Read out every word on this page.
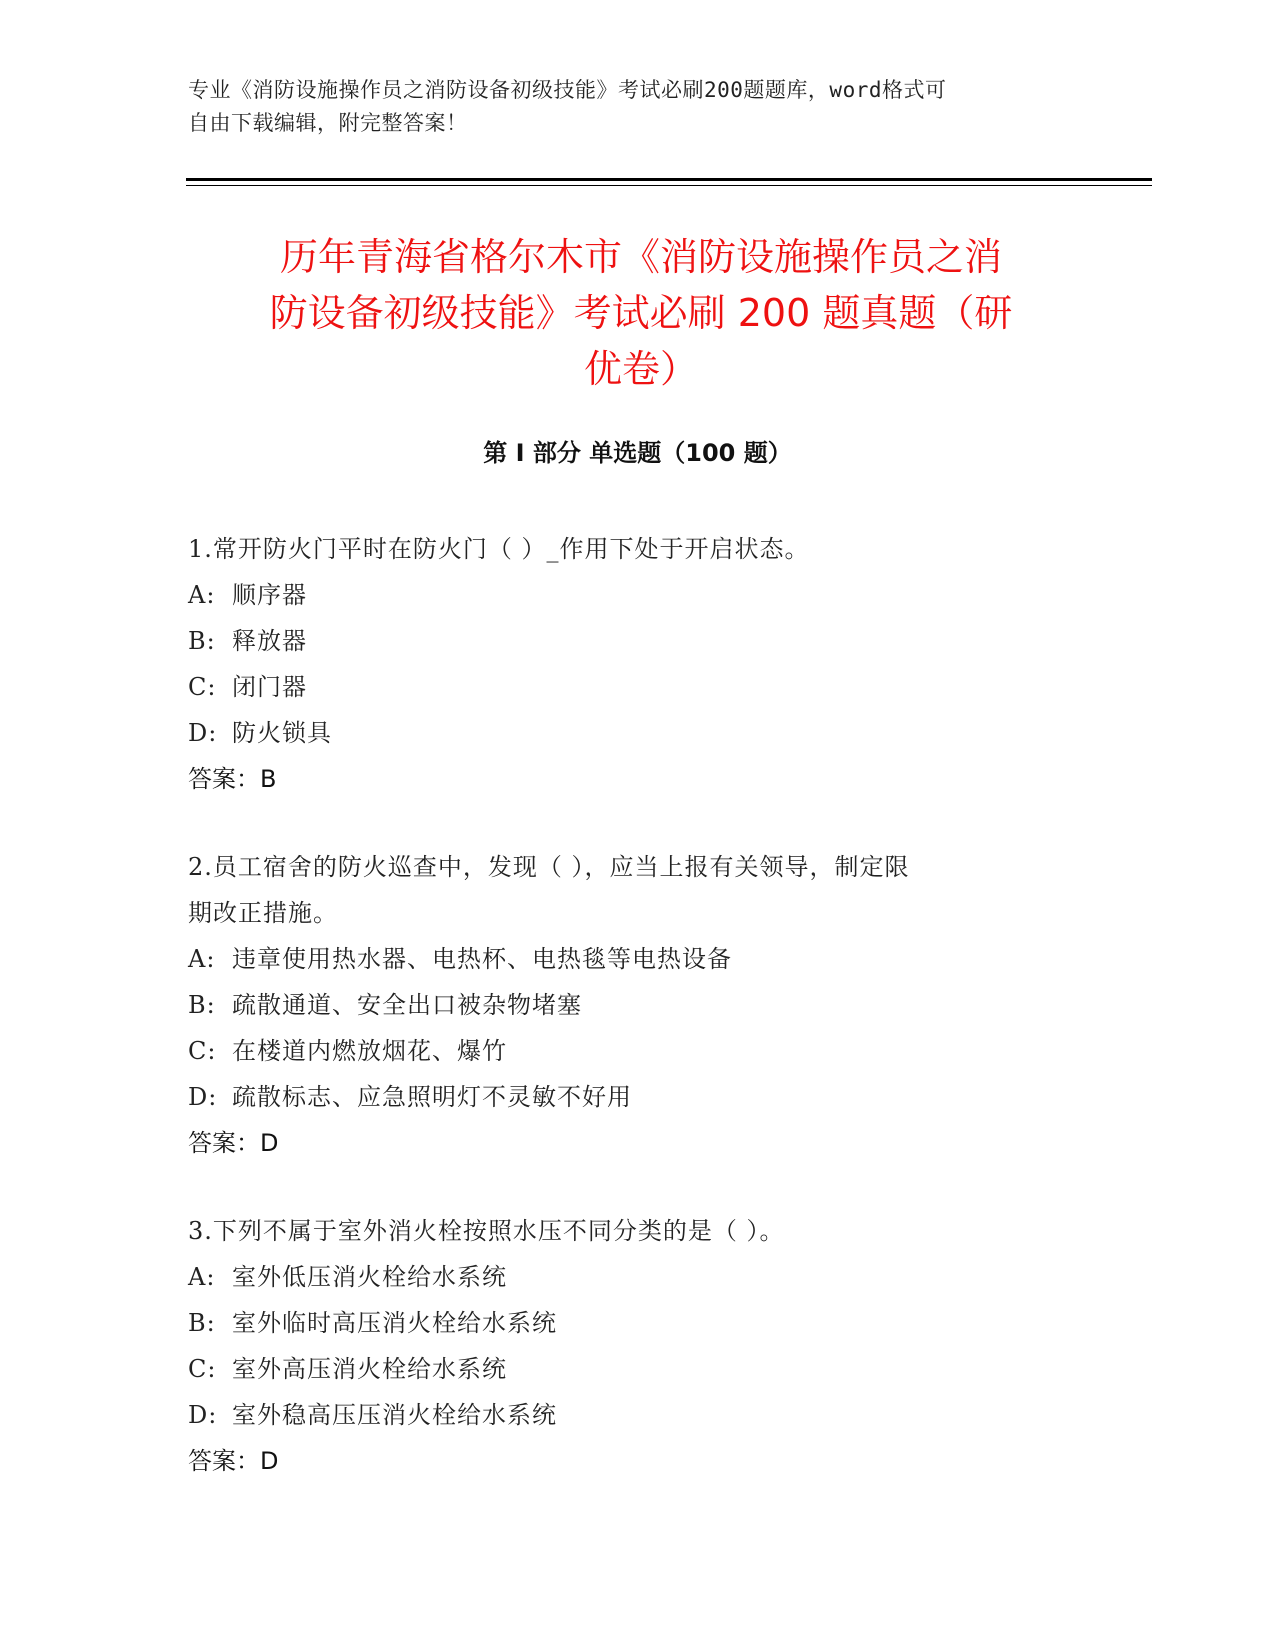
专业《消防设施操作员之消防设备初级技能》考试必刷200题题库，word格式可
自由下载编辑，附完整答案！
历年青海省格尔木市《消防设施操作员之消
防设备初级技能》考试必刷 200 题真题（研
优卷）
第 I 部分 单选题（100 题）
1.常开防火门平时在防火门（ ）_作用下处于开启状态。
A: 顺序器
B: 释放器
C: 闭门器
D: 防火锁具
答案：B
2.员工宿舍的防火巡查中，发现（ ），应当上报有关领导，制定限
期改正措施。
A: 违章使用热水器、电热杯、电热毯等电热设备
B: 疏散通道、安全出口被杂物堵塞
C: 在楼道内燃放烟花、爆竹
D: 疏散标志、应急照明灯不灵敏不好用
答案：D
3.下列不属于室外消火栓按照水压不同分类的是（ ）。
A: 室外低压消火栓给水系统
B: 室外临时高压消火栓给水系统
C: 室外高压消火栓给水系统
D: 室外稳高压压消火栓给水系统
答案：D
